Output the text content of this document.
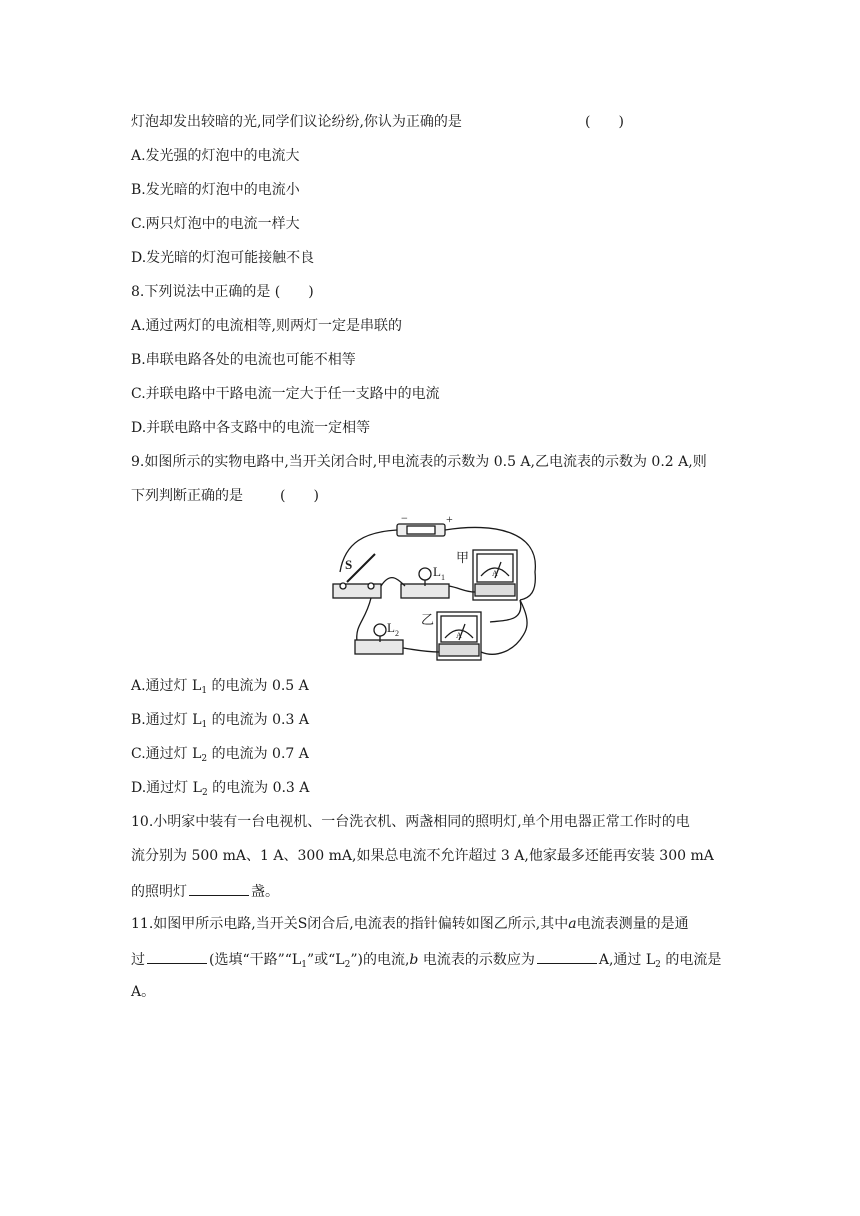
灯泡却发出较暗的光,同学们议论纷纷,你认为正确的是	(  )
A.发光强的灯泡中的电流大
B.发光暗的灯泡中的电流小
C.两只灯泡中的电流一样大
D.发光暗的灯泡可能接触不良
8.下列说法中正确的是 (  )
A.通过两灯的电流相等,则两灯一定是串联的
B.串联电路各处的电流也可能不相等
C.并联电路中干路电流一定大于任一支路中的电流
D.并联电路中各支路中的电流一定相等
9.如图所示的实物电路中,当开关闭合时,甲电流表的示数为 0.5 A,乙电流表的示数为 0.2 A,则
下列判断正确的是	(  )
−	+
S	L 1
L 2
甲
乙
A
A
A.通过灯 $L_1$ 的电流为 0.5 A
B.通过灯 $L_1$ 的电流为 0.3 A
C.通过灯 $L_2$ 的电流为 0.7 A
D.通过灯 $L_2$ 的电流为 0.3 A
10.小明家中装有一台电视机、一台洗衣机、两盏相同的照明灯,单个用电器正常工作时的电
流分别为 500 mA、1 A、300 mA,如果总电流不允许超过 3 A,他家最多还能再安装 300 mA
的照明灯	盏。
11.如图甲所示电路,当开关S闭合后,电流表的指针偏转如图乙所示,其中a电流表测量的是通
过	(选填“干路$”“L_1$”或“$L_2$”)的电流,b 电流表的示数应为	A,通过 $L_2$ 的电流是
A。
